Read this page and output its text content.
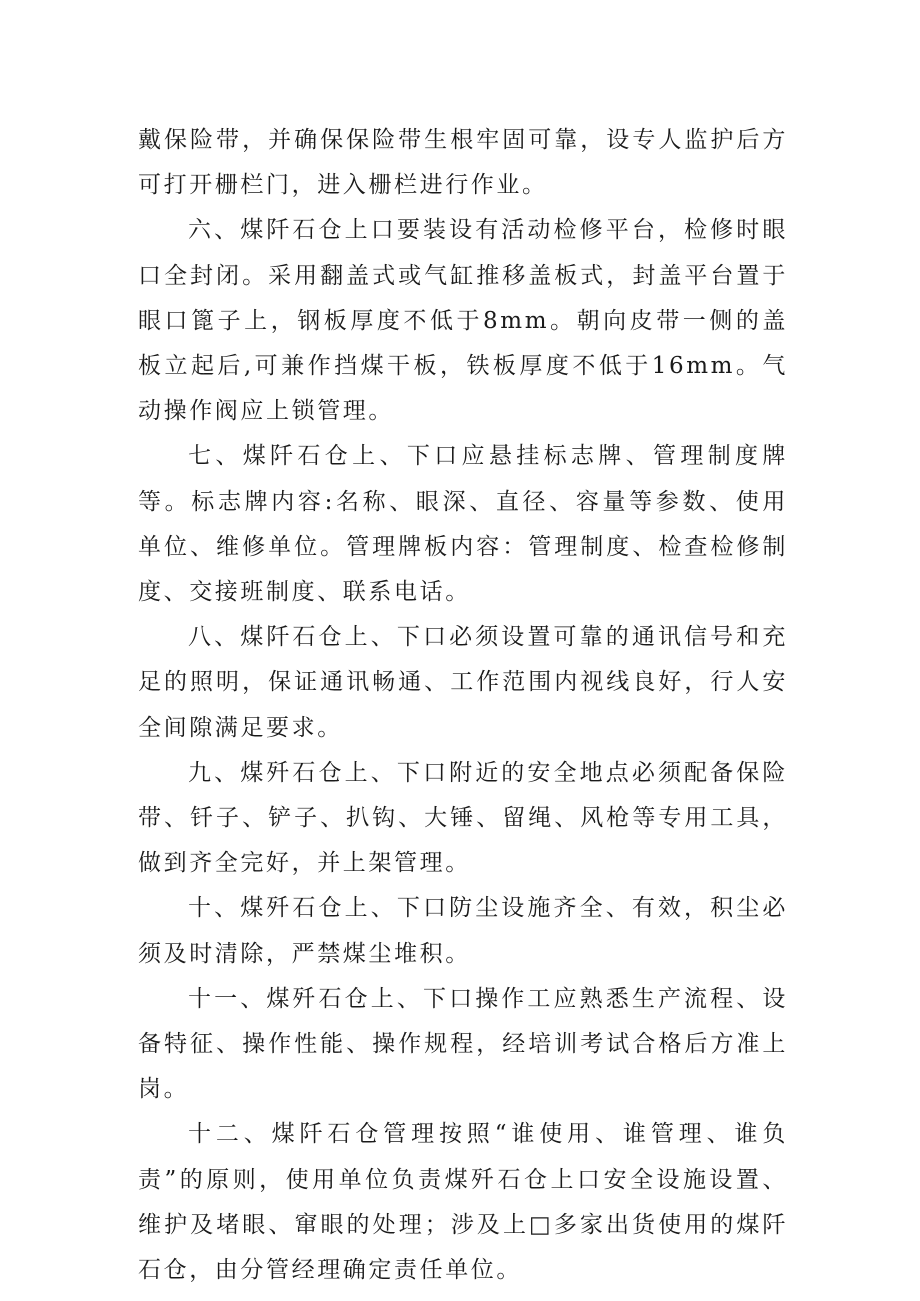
戴保险带，并确保保险带生根牢固可靠，设专人监护后方可打开栅栏门，进入栅栏进行作业。

六、煤阡石仓上口要装设有活动检修平台，检修时眼口全封闭。采用翻盖式或气缸推移盖板式，封盖平台置于眼口篦子上，钢板厚度不低于8mm。朝向皮带一侧的盖板立起后,可兼作挡煤干板，铁板厚度不低于16mm。气动操作阀应上锁管理。

七、煤阡石仓上、下口应悬挂标志牌、管理制度牌等。标志牌内容:名称、眼深、直径、容量等参数、使用单位、维修单位。管理牌板内容：管理制度、检查检修制度、交接班制度、联系电话。

八、煤阡石仓上、下口必须设置可靠的通讯信号和充足的照明，保证通讯畅通、工作范围内视线良好，行人安全间隙满足要求。

九、煤歼石仓上、下口附近的安全地点必须配备保险带、钎子、铲子、扒钩、大锤、留绳、风枪等专用工具，做到齐全完好，并上架管理。

十、煤歼石仓上、下口防尘设施齐全、有效，积尘必须及时清除，严禁煤尘堆积。

十一、煤歼石仓上、下口操作工应熟悉生产流程、设备特征、操作性能、操作规程，经培训考试合格后方准上岗。

十二、煤阡石仓管理按照“谁使用、谁管理、谁负责”的原则，使用单位负责煤歼石仓上口安全设施设置、维护及堵眼、窜眼的处理；涉及上□多家出货使用的煤阡石仓，由分管经理确定责任单位。
